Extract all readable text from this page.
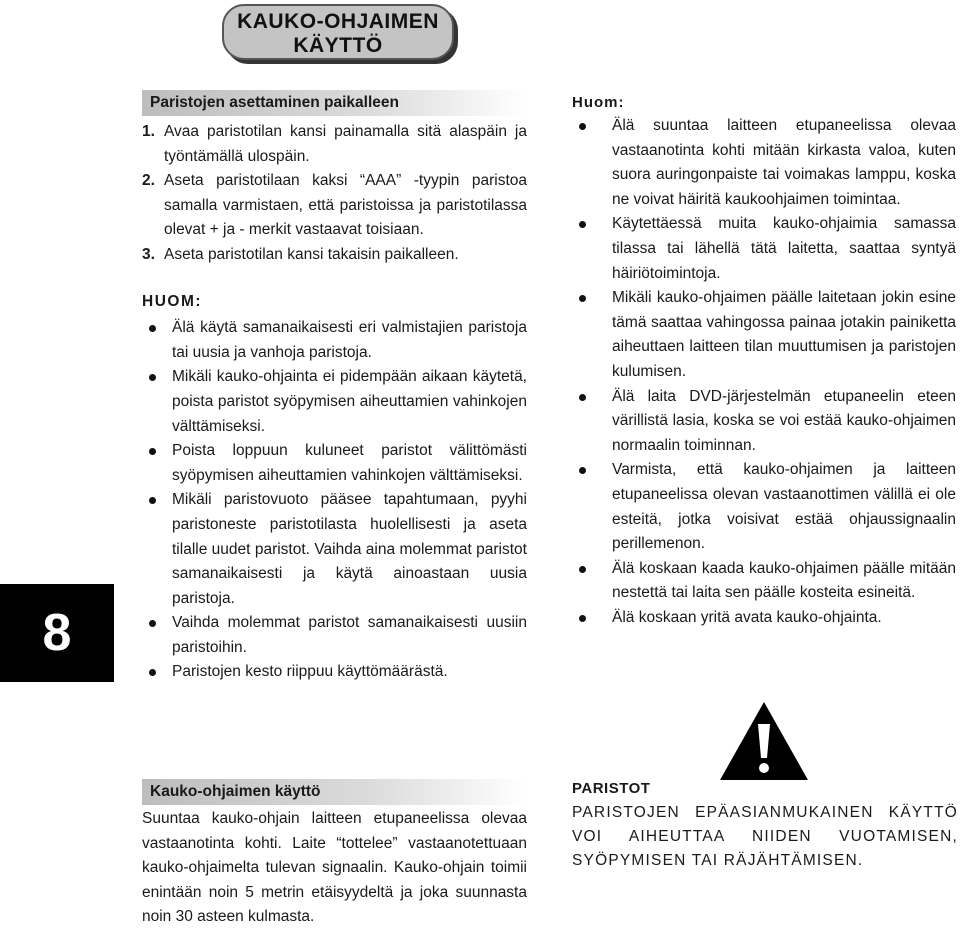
KAUKO-OHJAIMEN
KÄYTTÖ
8
Paristojen asettaminen paikalleen
1. Avaa paristotilan kansi painamalla sitä alaspäin ja työntämällä ulospäin.
2. Aseta paristotilaan kaksi “AAA” -tyypin paristoa samalla varmistaen, että paristoissa ja paristotilassa olevat + ja - merkit vastaavat toisiaan.
3. Aseta paristotilan kansi takaisin paikalleen.
HUOM:
Älä käytä samanaikaisesti eri valmistajien paristoja tai uusia ja vanhoja paristoja.
Mikäli kauko-ohjainta ei pidempään aikaan käytetä, poista paristot syöpymisen aiheuttamien vahinkojen välttämiseksi.
Poista loppuun kuluneet paristot välittömästi syöpymisen aiheuttamien vahinkojen välttämiseksi.
Mikäli paristovuoto pääsee tapahtumaan, pyyhi paristoneste paristotilasta huolellisesti ja aseta tilalle uudet paristot. Vaihda aina molemmat paristot samanaikaisesti ja käytä ainoastaan uusia paristoja.
Vaihda molemmat paristot samanaikaisesti uusiin paristoihin.
Paristojen kesto riippuu käyttömäärästä.
Kauko-ohjaimen käyttö
Suuntaa kauko-ohjain laitteen etupaneelissa olevaa vastaanotinta kohti. Laite “tottelee” vastaanotettuaan kauko-ohjaimelta tulevan signaalin. Kauko-ohjain toimii enintään noin 5 metrin etäisyydeltä ja joka suunnasta noin 30 asteen kulmasta.
Huom:
Älä suuntaa laitteen etupaneelissa olevaa vastaanotinta kohti mitään kirkasta valoa, kuten suora auringonpaiste tai voimakas lamppu, koska ne voivat häiritä kaukoohjaimen toimintaa.
Käytettäessä muita kauko-ohjaimia samassa tilassa tai lähellä tätä laitetta, saattaa syntyä häiriötoimintoja.
Mikäli kauko-ohjaimen päälle laitetaan jokin esine tämä saattaa vahingossa painaa jotakin painiketta aiheuttaen laitteen tilan muuttumisen ja paristojen kulumisen.
Älä laita DVD-järjestelmän etupaneelin eteen värillistä lasia, koska se voi estää kauko-ohjaimen normaalin toiminnan.
Varmista, että kauko-ohjaimen ja laitteen etupaneelissa olevan vastaanottimen välillä ei ole esteitä, jotka voisivat estää ohjaussignaalin perillemenon.
Älä koskaan kaada kauko-ohjaimen päälle mitään nestettä tai laita sen päälle kosteita esineitä.
Älä koskaan yritä avata kauko-ohjainta.
PARISTOT
PARISTOJEN EPÄASIANMUKAINEN KÄYTTÖ VOI AIHEUTTAA NIIDEN VUOTAMISEN, SYÖPYMISEN TAI RÄJÄHTÄMISEN.
